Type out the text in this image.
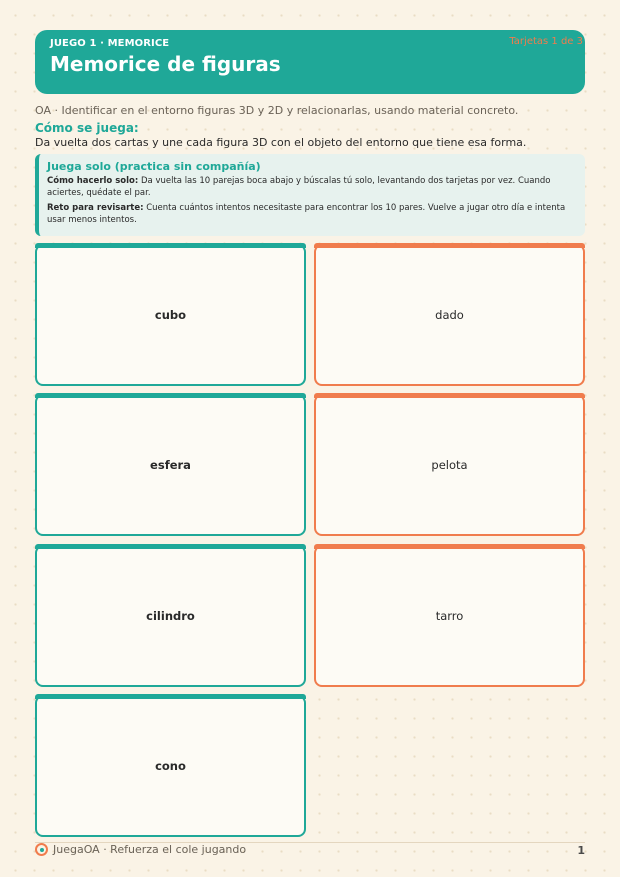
JUEGO 1 · MEMORICE
Memorice de figuras
Tarjetas 1 de 3
OA · Identificar en el entorno figuras 3D y 2D y relacionarlas, usando material concreto.
Cómo se juega:
Da vuelta dos cartas y une cada figura 3D con el objeto del entorno que tiene esa forma.
Juega solo (practica sin compañía)

Cómo hacerlo solo: Da vuelta las 10 parejas boca abajo y búscalas tú solo, levantando dos tarjetas por vez. Cuando aciertes, quédate el par.

Reto para revisarte: Cuenta cuántos intentos necesitaste para encontrar los 10 pares. Vuelve a jugar otro día e intenta usar menos intentos.

cubo	dado
esfera	pelota
cilindro	tarro
cono
JuegaOA · Refuerza el cole jugando	1
